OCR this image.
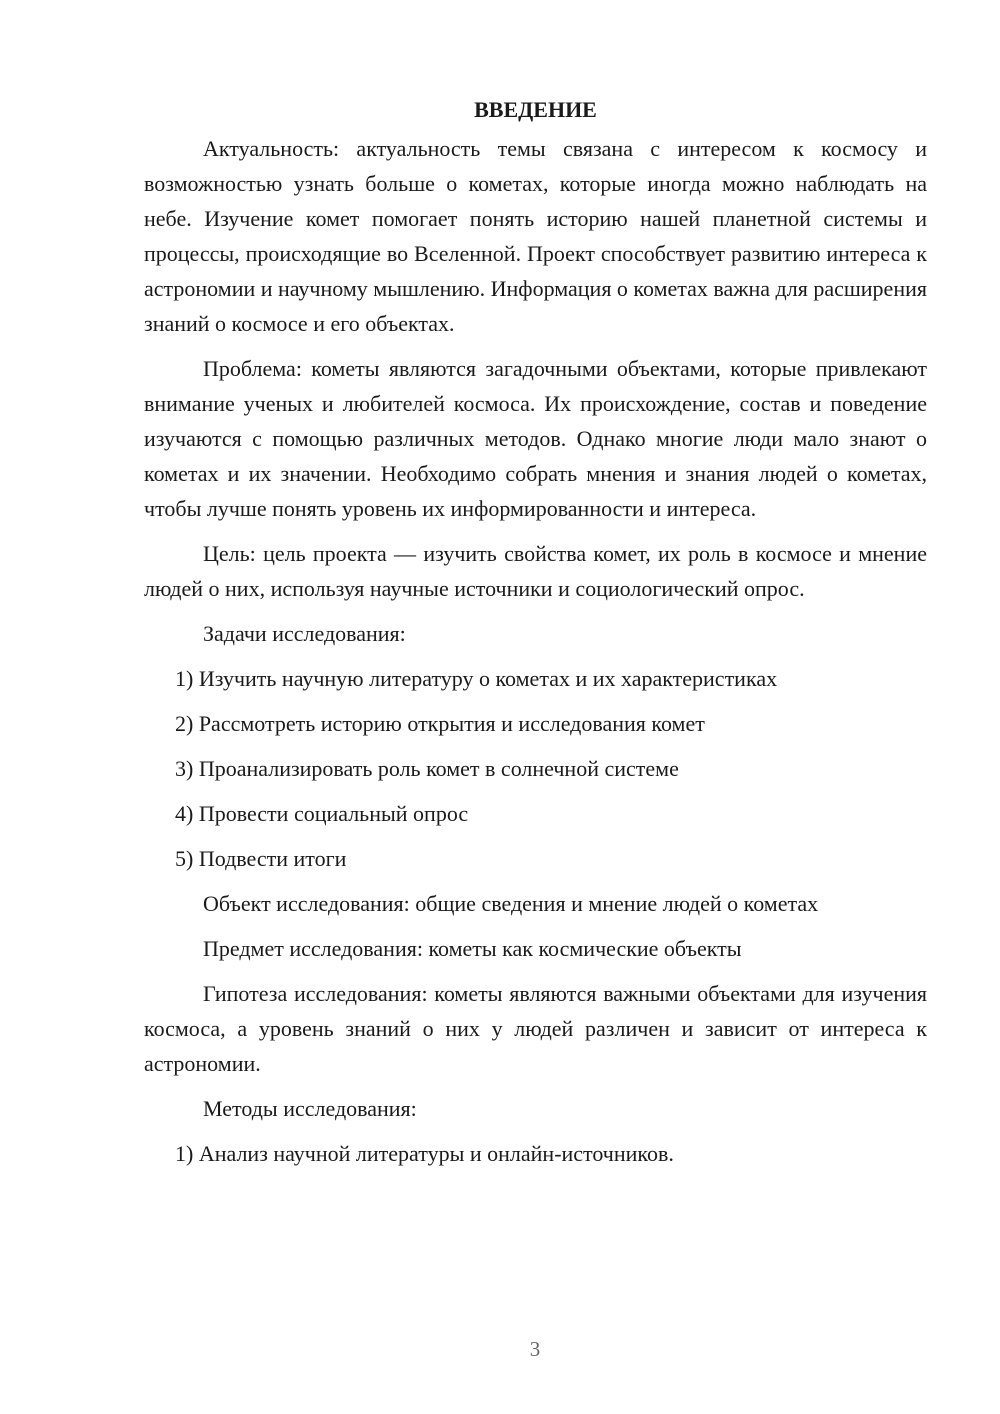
ВВЕДЕНИЕ

Актуальность: актуальность темы связана с интересом к космосу и возможностью узнать больше о кометах, которые иногда можно наблюдать на небе. Изучение комет помогает понять историю нашей планетной системы и процессы, происходящие во Вселенной. Проект способствует развитию интереса к астрономии и научному мышлению. Информация о кометах важна для расширения знаний о космосе и его объектах.

Проблема: кометы являются загадочными объектами, которые привлекают внимание ученых и любителей космоса. Их происхождение, состав и поведение изучаются с помощью различных методов. Однако многие люди мало знают о кометах и их значении. Необходимо собрать мнения и знания людей о кометах, чтобы лучше понять уровень их информированности и интереса.

Цель: цель проекта — изучить свойства комет, их роль в космосе и мнение людей о них, используя научные источники и социологический опрос.

Задачи исследования:
1) Изучить научную литературу о кометах и их характеристиках
2) Рассмотреть историю открытия и исследования комет
3) Проанализировать роль комет в солнечной системе
4) Провести социальный опрос
5) Подвести итоги
Объект исследования: общие сведения и мнение людей о кометах
Предмет исследования: кометы как космические объекты

Гипотеза исследования: кометы являются важными объектами для изучения космоса, а уровень знаний о них у людей различен и зависит от интереса к астрономии.

Методы исследования:
1) Анализ научной литературы и онлайн-источников.
3
